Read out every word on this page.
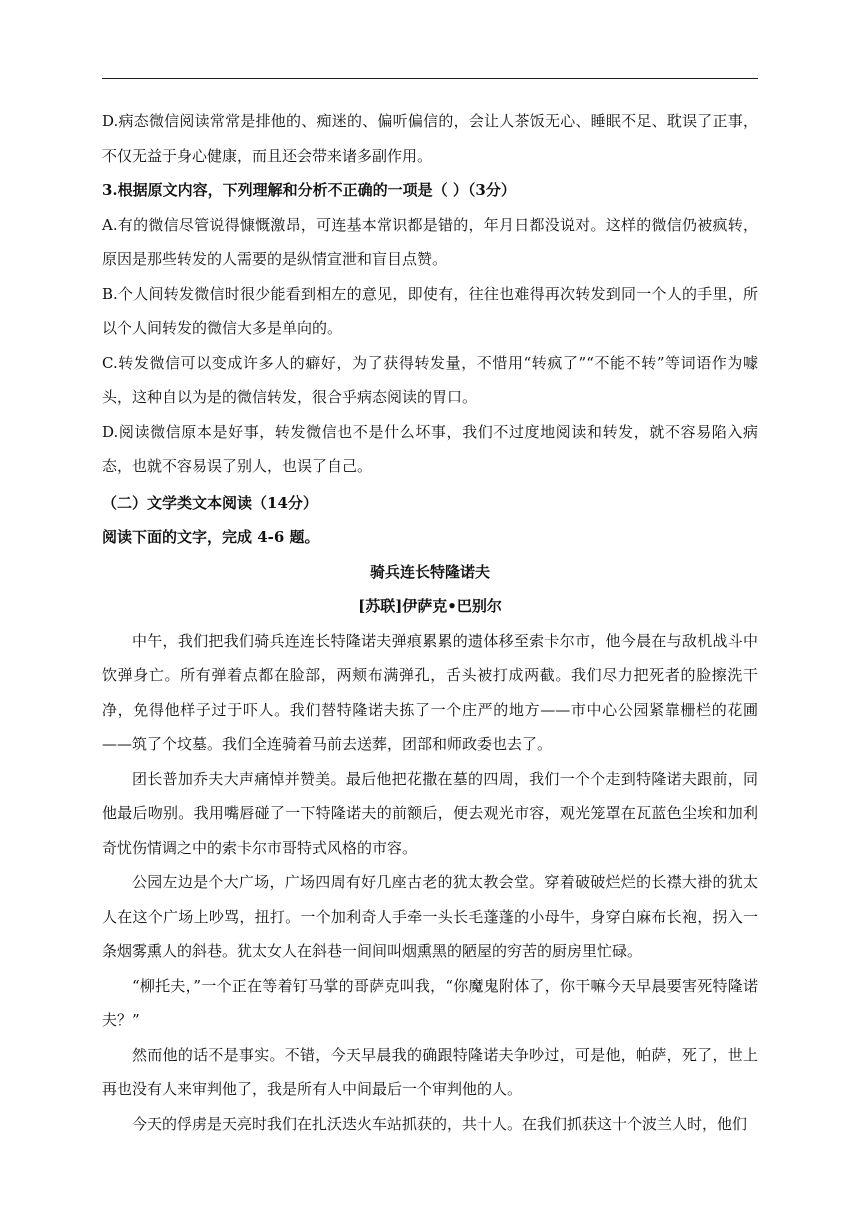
D.病态微信阅读常常是排他的、痴迷的、偏听偏信的，会让人茶饭无心、睡眠不足、耽误了正事，不仅无益于身心健康，而且还会带来诸多副作用。

3.根据原文内容，下列理解和分析不正确的一项是（ ）（3分）

A.有的微信尽管说得慷慨激昂，可连基本常识都是错的，年月日都没说对。这样的微信仍被疯转，原因是那些转发的人需要的是纵情宣泄和盲目点赞。

B.个人间转发微信时很少能看到相左的意见，即使有，往往也难得再次转发到同一个人的手里，所以个人间转发的微信大多是单向的。

C.转发微信可以变成许多人的癖好，为了获得转发量，不惜用“转疯了”“不能不转”等词语作为噱头，这种自以为是的微信转发，很合乎病态阅读的胃口。

D.阅读微信原本是好事，转发微信也不是什么坏事，我们不过度地阅读和转发，就不容易陷入病态，也就不容易误了别人，也误了自己。

（二）文学类文本阅读（14分）

阅读下面的文字，完成 4-6 题。

骑兵连长特隆诺夫

[苏联]伊萨克•巴别尔

中午，我们把我们骑兵连连长特隆诺夫弹痕累累的遗体移至索卡尔市，他今晨在与敌机战斗中饮弹身亡。所有弹着点都在脸部，两颊布满弹孔，舌头被打成两截。我们尽力把死者的脸擦洗干净，免得他样子过于吓人。我们替特隆诺夫拣了一个庄严的地方——市中心公园紧靠栅栏的花圃——筑了个坟墓。我们全连骑着马前去送葬，团部和师政委也去了。

团长普加乔夫大声痛悼并赞美。最后他把花撒在墓的四周，我们一个个走到特隆诺夫跟前，同他最后吻别。我用嘴唇碰了一下特隆诺夫的前额后，便去观光市容，观光笼罩在瓦蓝色尘埃和加利奇忧伤情调之中的索卡尔市哥特式风格的市容。

公园左边是个大广场，广场四周有好几座古老的犹太教会堂。穿着破破烂烂的长襟大褂的犹太人在这个广场上吵骂，扭打。一个加利奇人手牵一头长毛蓬蓬的小母牛，身穿白麻布长袍，拐入一条烟雾熏人的斜巷。犹太女人在斜巷一间间叫烟熏黑的陋屋的穷苦的厨房里忙碌。

“柳托夫，”一个正在等着钉马掌的哥萨克叫我，“你魔鬼附体了，你干嘛今天早晨要害死特隆诺夫？”

然而他的话不是事实。不错，今天早晨我的确跟特隆诺夫争吵过，可是他，帕萨，死了，世上再也没有人来审判他了，我是所有人中间最后一个审判他的人。

今天的俘虏是天亮时我们在扎沃迭火车站抓获的，共十人。在我们抓获这十个波兰人时，他们
